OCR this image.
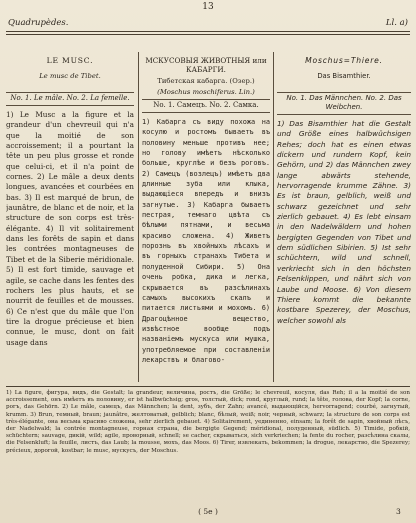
13
Quadrupèdes.	Ll. a)
LE MUSC.
Le musc de Tibet.
No. 1. Le mâle. No. 2. La femelle.
1) Le Musc a la figure et la grandeur d'un chevreuil qui n'a que la moitié de son accroissement; il a pourtant la tête un peu plus grosse et ronde que celui-ci, et il n'a point de cornes. 2) Le mâle a deux dents longues, avancées et courbées en bas. 3) Il est marqué de brun, de jaunâtre, de blanc et de noir, et la structure de son corps est très-élégante. 4) Il vit solitairement dans les forêts de sapin et dans les contrées montagneuses de Tibet et de la Siberie méridionale. 5) Il est fort timide, sauvage et agile, se cache dans les fentes des rochers les plus hauts, et se nourrit de feuilles et de mousses. 6) Ce n'est que du mâle que l'on tire la drogue précieuse et bien connue, le musc, dont on fait usage dans
МСКУСОВЫЯ ЖИВОТНЫЯ или КАБАРГИ.
Тибетская кабарга. (Озер.)
(Moschus moschiferus. Lin.)
No. 1. Самецъ. No. 2. Самка.
1) Кабарга съ виду похожа на косулю и ростомъ бываетъ въ половину меньше противъ нее; но голову имѣетъ нѣсколько больше, круглѣе и безъ роговъ. 2) Самецъ (возлецъ) имѣетъ два длинные зуба или клыка, выдающіеся впередъ и внизъ загнутые. 3) Кабарга бываетъ пестрая, темнаго цвѣта съ бѣлыми пятнами, и весьма красиво сложена. 4) Живетъ порознь въ хвойныхъ лѣсахъ и въ горныхъ странахъ Тибета и полуденной Сибири. 5) Она очень робка, дика и легка, скрывается въ разсѣлинахъ самыхъ высокихъ скалъ и питается листьями и мохомъ. 6) Драгоцѣнное вещество, извѣстное вообще подъ названіемъ мускуса или мушка, употребляемое при составленіи лекарствъ и благово-
Moschus=Thiere.
Das Bisamthier.
No. 1. Das Männchen. No. 2. Das Weibchen.
1) Das Bisamthier hat die Gestalt und Größe eines halbwüchsigen Rehes; doch hat es einen etwas dickern und rundern Kopf, kein Gehörn, und 2) das Männchen zwey lange abwärts stehende, hervorragende krumme Zähne. 3) Es ist braun, gelblich, weiß und schwarz gezeichnet und sehr zierlich gebauet. 4) Es lebt einsam in den Nadelwäldern und hohen bergigten Gegenden von Tibet und dem südlichen Sibirien. 5) Ist sehr schüchtern, wild und schnell, verkriecht sich in den höchsten Felsenklippen, und nährt sich von Laube und Moose. 6) Von diesem Thiere kommt die bekannte kostbare Spezerey, der Moschus, welcher sowohl als
1) La figure, фигура, видъ, die Gestalt; la grandeur, величина, ростъ, die Größe; le chevreuil, косуля, das Reh; il a la moitié de son accroissement, онъ имѣетъ въ половину, er ist halbwüchsig; gros, толстый, dick; rond, круглый, rund; la tête, голова, der Kopf; la corne, рогъ, das Gehörn. 2) Le mâle, самецъ, das Männchen; la dent, зубъ, der Zahn; avancé, выдающійся, hervorragend; courbé, загнутый, krumm. 3) Brun, темный, braun; jaunâtre, желтоватый, gelblich; blanc, бѣлый, weiß; noir, черный, schwarz; la structure de son corps est très-élégante, она весьма красиво сложена, sehr zierlich gebauet. 4) Solitairement, уединенно, einsam; la forêt de sapin, хвойный лѣсъ, der Nadelwald; la contrée montagneuse, горная страна, die bergigte Gegend; méridional, полуденный, südlich. 5) Timide, робкій, schüchtern; sauvage, дикій, wild; agile, проворный, schnell; se cacher, скрываться, sich verkriechen; la fente du rocher, разсѣлина скалы, die Felsenkluft; la feuille, листъ, das Laub; la mousse, мохъ, das Moos. 6) Tirer, извлекать, bekommen; la drogue, лекарство, die Spezerey; précieux, дорогой, kostbar; le musc, мускусъ, der Moschus.
( 5e )	3
